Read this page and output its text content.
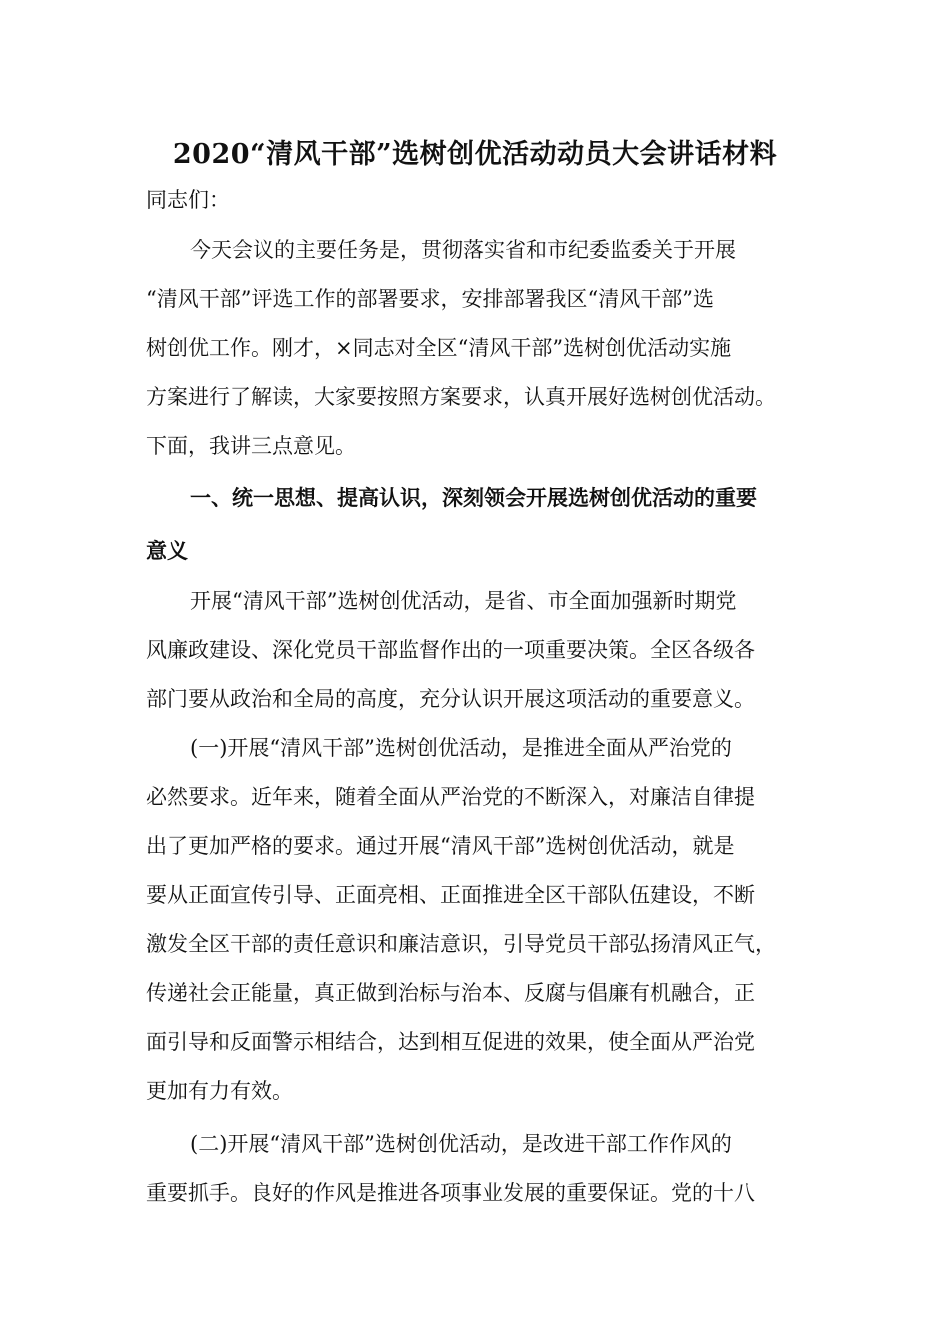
2020“清风干部”选树创优活动动员大会讲话材料
同志们：
今天会议的主要任务是，贯彻落实省和市纪委监委关于开展
“清风干部”评选工作的部署要求，安排部署我区“清风干部”选
树创优工作。刚才，×同志对全区“清风干部”选树创优活动实施
方案进行了解读，大家要按照方案要求，认真开展好选树创优活动。
下面，我讲三点意见。
一、统一思想、提高认识，深刻领会开展选树创优活动的重要
意义
开展“清风干部”选树创优活动，是省、市全面加强新时期党
风廉政建设、深化党员干部监督作出的一项重要决策。全区各级各
部门要从政治和全局的高度，充分认识开展这项活动的重要意义。
(一)开展“清风干部”选树创优活动，是推进全面从严治党的
必然要求。近年来，随着全面从严治党的不断深入，对廉洁自律提
出了更加严格的要求。通过开展“清风干部”选树创优活动，就是
要从正面宣传引导、正面亮相、正面推进全区干部队伍建设，不断
激发全区干部的责任意识和廉洁意识，引导党员干部弘扬清风正气，
传递社会正能量，真正做到治标与治本、反腐与倡廉有机融合，正
面引导和反面警示相结合，达到相互促进的效果，使全面从严治党
更加有力有效。
(二)开展“清风干部”选树创优活动，是改进干部工作作风的
重要抓手。良好的作风是推进各项事业发展的重要保证。党的十八
